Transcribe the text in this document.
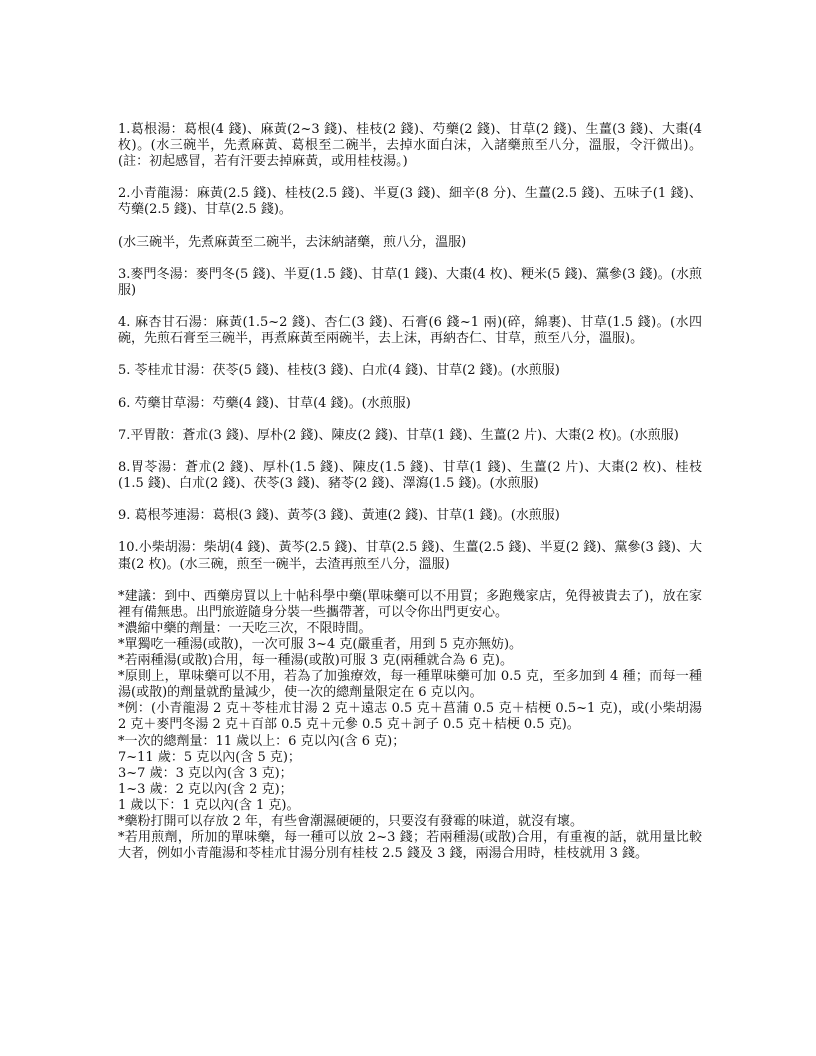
1.葛根湯：葛根(4 錢)、麻黃(2~3 錢)、桂枝(2 錢)、芍藥(2 錢)、甘草(2 錢)、生薑(3 錢)、大棗(4 枚)。(水三碗半，先煮麻黃、葛根至二碗半，去掉水面白沫，入諸藥煎至八分，溫服，令汗微出)。(註：初起感冒，若有汗要去掉麻黃，或用桂枝湯。)

2.小青龍湯：麻黃(2.5 錢)、桂枝(2.5 錢)、半夏(3 錢)、細辛(8 分)、生薑(2.5 錢)、五味子(1 錢)、芍藥(2.5 錢)、甘草(2.5 錢)。

(水三碗半，先煮麻黃至二碗半，去沫納諸藥，煎八分，溫服)

3.麥門冬湯：麥門冬(5 錢)、半夏(1.5 錢)、甘草(1 錢)、大棗(4 枚)、粳米(5 錢)、黨參(3 錢)。(水煎服)

4. 麻杏甘石湯：麻黃(1.5~2 錢)、杏仁(3 錢)、石膏(6 錢~1 兩)(碎，綿裹)、甘草(1.5 錢)。(水四碗，先煎石膏至三碗半，再煮麻黃至兩碗半，去上沫，再納杏仁、甘草，煎至八分，溫服)。

5. 苓桂朮甘湯：茯苓(5 錢)、桂枝(3 錢)、白朮(4 錢)、甘草(2 錢)。(水煎服)

6. 芍藥甘草湯：芍藥(4 錢)、甘草(4 錢)。(水煎服)

7.平胃散：蒼朮(3 錢)、厚朴(2 錢)、陳皮(2 錢)、甘草(1 錢)、生薑(2 片)、大棗(2 枚)。(水煎服)

8.胃苓湯：蒼朮(2 錢)、厚朴(1.5 錢)、陳皮(1.5 錢)、甘草(1 錢)、生薑(2 片)、大棗(2 枚)、桂枝(1.5 錢)、白朮(2 錢)、茯苓(3 錢)、豬苓(2 錢)、澤瀉(1.5 錢)。(水煎服)

9. 葛根芩連湯：葛根(3 錢)、黃芩(3 錢)、黃連(2 錢)、甘草(1 錢)。(水煎服)

10.小柴胡湯：柴胡(4 錢)、黃芩(2.5 錢)、甘草(2.5 錢)、生薑(2.5 錢)、半夏(2 錢)、黨參(3 錢)、大棗(2 枚)。(水三碗，煎至一碗半，去渣再煎至八分，溫服)

*建議：到中、西藥房買以上十帖科學中藥(單味藥可以不用買；多跑幾家店，免得被貴去了)，放在家裡有備無患。出門旅遊隨身分裝一些攜帶著，可以令你出門更安心。

*濃縮中藥的劑量：一天吃三次，不限時間。

*單獨吃一種湯(或散)，一次可服 3~4 克(嚴重者，用到 5 克亦無妨)。

*若兩種湯(或散)合用，每一種湯(或散)可服 3 克(兩種就合為 6 克)。

*原則上，單味藥可以不用，若為了加強療效，每一種單味藥可加 0.5 克，至多加到 4 種；而每一種湯(或散)的劑量就酌量減少，使一次的總劑量限定在 6 克以內。

*例：(小青龍湯 2 克＋苓桂朮甘湯 2 克＋遠志 0.5 克＋菖蒲 0.5 克＋桔梗 0.5~1 克)，或(小柴胡湯 2 克＋麥門冬湯 2 克＋百部 0.5 克＋元參 0.5 克＋訶子 0.5 克＋桔梗 0.5 克)。

*一次的總劑量：11 歲以上：6 克以內(含 6 克)；

7~11 歲：5 克以內(含 5 克)；

3~7 歲：3 克以內(含 3 克)；

1~3 歲：2 克以內(含 2 克)；

1 歲以下：1 克以內(含 1 克)。

*藥粉打開可以存放 2 年，有些會潮濕硬硬的，只要沒有發霉的味道，就沒有壞。

*若用煎劑，所加的單味藥，每一種可以放 2~3 錢；若兩種湯(或散)合用，有重複的話，就用量比較大者，例如小青龍湯和苓桂朮甘湯分別有桂枝 2.5 錢及 3 錢，兩湯合用時，桂枝就用 3 錢。
